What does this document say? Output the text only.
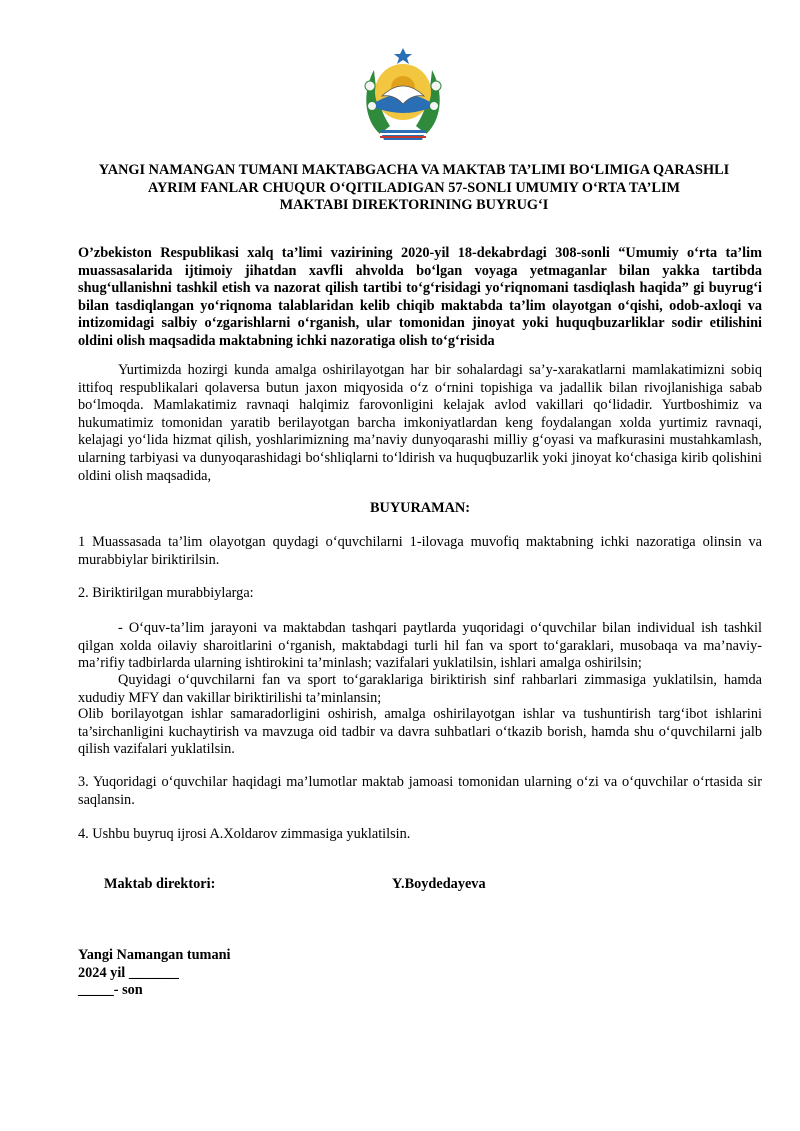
YANGI NAMANGAN TUMANI MAKTABGACHA VA MAKTAB TA’LIMI BO‘LIMIGA QARASHLI
AYRIM FANLAR CHUQUR O‘QITILADIGAN 57-SONLI UMUMIY O‘RTA TA’LIM
MAKTABI DIREKTORINING BUYRUG‘I
O’zbekiston Respublikasi xalq ta’limi vazirining 2020-yil 18-dekabrdagi 308-sonli “Umumiy o‘rta ta’lim muassasalarida ijtimoiy jihatdan xavfli ahvolda bo‘lgan voyaga yetmaganlar bilan yakka tartibda shug‘ullanishni tashkil etish va nazorat qilish tartibi to‘g‘risidagi yo‘riqnomani tasdiqlash haqida” gi buyrug‘i bilan tasdiqlangan yo‘riqnoma talablaridan kelib chiqib maktabda ta’lim olayotgan o‘qishi, odob-axloqi va intizomidagi salbiy o‘zgarishlarni o‘rganish, ular tomonidan jinoyat yoki huquqbuzarliklar sodir etilishini oldini olish maqsadida maktabning ichki nazoratiga olish to‘g‘risida
Yurtimizda hozirgi kunda amalga oshirilayotgan har bir sohalardagi sa’y-xarakatlarni mamlakatimizni sobiq ittifoq respublikalari qolaversa butun jaxon miqyosida o‘z o‘rnini topishiga va jadallik bilan rivojlanishiga sabab bo‘lmoqda. Mamlakatimiz ravnaqi halqimiz farovonligini kelajak avlod vakillari qo‘lidadir. Yurtboshimiz va hukumatimiz tomonidan yaratib berilayotgan barcha imkoniyatlardan keng foydalangan xolda yurtimiz ravnaqi, kelajagi yo‘lida hizmat qilish, yoshlarimizning ma’naviy dunyoqarashi milliy g‘oyasi va mafkurasini mustahkamlash, ularning tarbiyasi va dunyoqarashidagi bo‘shliqlarni to‘ldirish va huquqbuzarlik yoki jinoyat ko‘chasiga kirib qolishini oldini olish maqsadida,
BUYURAMAN:
1 Muassasada ta’lim olayotgan quydagi o‘quvchilarni 1-ilovaga muvofiq maktabning ichki nazoratiga olinsin va murabbiylar biriktirilsin.
2. Biriktirilgan murabbiylarga:
- O‘quv-ta’lim jarayoni va maktabdan tashqari paytlarda yuqoridagi o‘quvchilar bilan individual ish tashkil qilgan xolda oilaviy sharoitlarini o‘rganish, maktabdagi turli hil fan va sport to‘garaklari, musobaqa va ma’naviy-ma’rifiy tadbirlarda ularning ishtirokini ta’minlash; vazifalari yuklatilsin, ishlari amalga oshirilsin;
Quyidagi o‘quvchilarni fan va sport to‘garaklariga biriktirish sinf rahbarlari zimmasiga yuklatilsin, hamda xududiy MFY dan vakillar biriktirilishi ta’minlansin;
Olib borilayotgan ishlar samaradorligini oshirish, amalga oshirilayotgan ishlar va tushuntirish targ‘ibot ishlarini ta’sirchanligini kuchaytirish va mavzuga oid tadbir va davra suhbatlari o‘tkazib borish, hamda shu o‘quvchilarni jalb qilish vazifalari yuklatilsin.
3. Yuqoridagi o‘quvchilar haqidagi ma’lumotlar maktab jamoasi tomonidan ularning o‘zi va o‘quvchilar o‘rtasida sir saqlansin.
4. Ushbu buyruq ijrosi A.Xoldarov zimmasiga yuklatilsin.
Maktab direktori:	Y.Boydedayeva
Yangi Namangan tumani
2024 yil _______
_____- son
